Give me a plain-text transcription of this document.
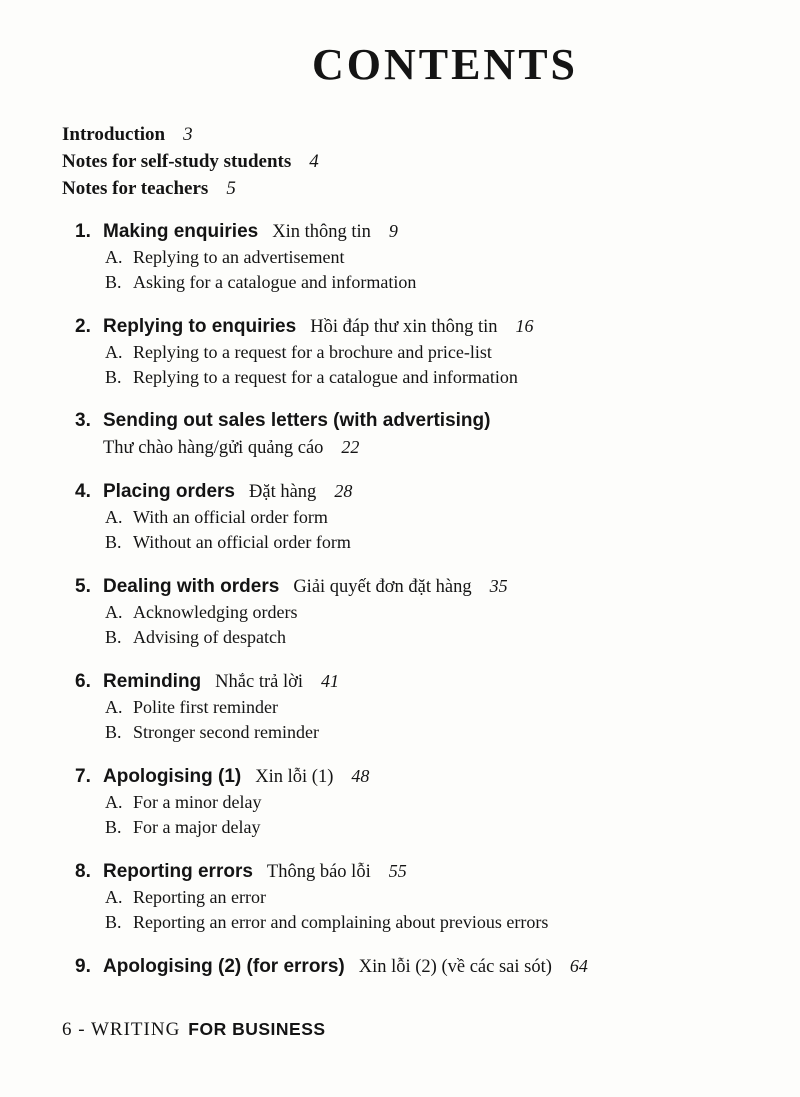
CONTENTS
Introduction 3
Notes for self-study students 4
Notes for teachers 5
1. Making enquiries Xin thông tin 9
A. Replying to an advertisement
B. Asking for a catalogue and information
2. Replying to enquiries Hồi đáp thư xin thông tin 16
A. Replying to a request for a brochure and price-list
B. Replying to a request for a catalogue and information
3. Sending out sales letters (with advertising)
Thư chào hàng/gửi quảng cáo 22
4. Placing orders Đặt hàng 28
A. With an official order form
B. Without an official order form
5. Dealing with orders Giải quyết đơn đặt hàng 35
A. Acknowledging orders
B. Advising of despatch
6. Reminding Nhắc trả lời 41
A. Polite first reminder
B. Stronger second reminder
7. Apologising (1) Xin lỗi (1) 48
A. For a minor delay
B. For a major delay
8. Reporting errors Thông báo lỗi 55
A. Reporting an error
B. Reporting an error and complaining about previous errors
9. Apologising (2) (for errors) Xin lỗi (2) (về các sai sót) 64
6 - WRITING FOR BUSINESS
